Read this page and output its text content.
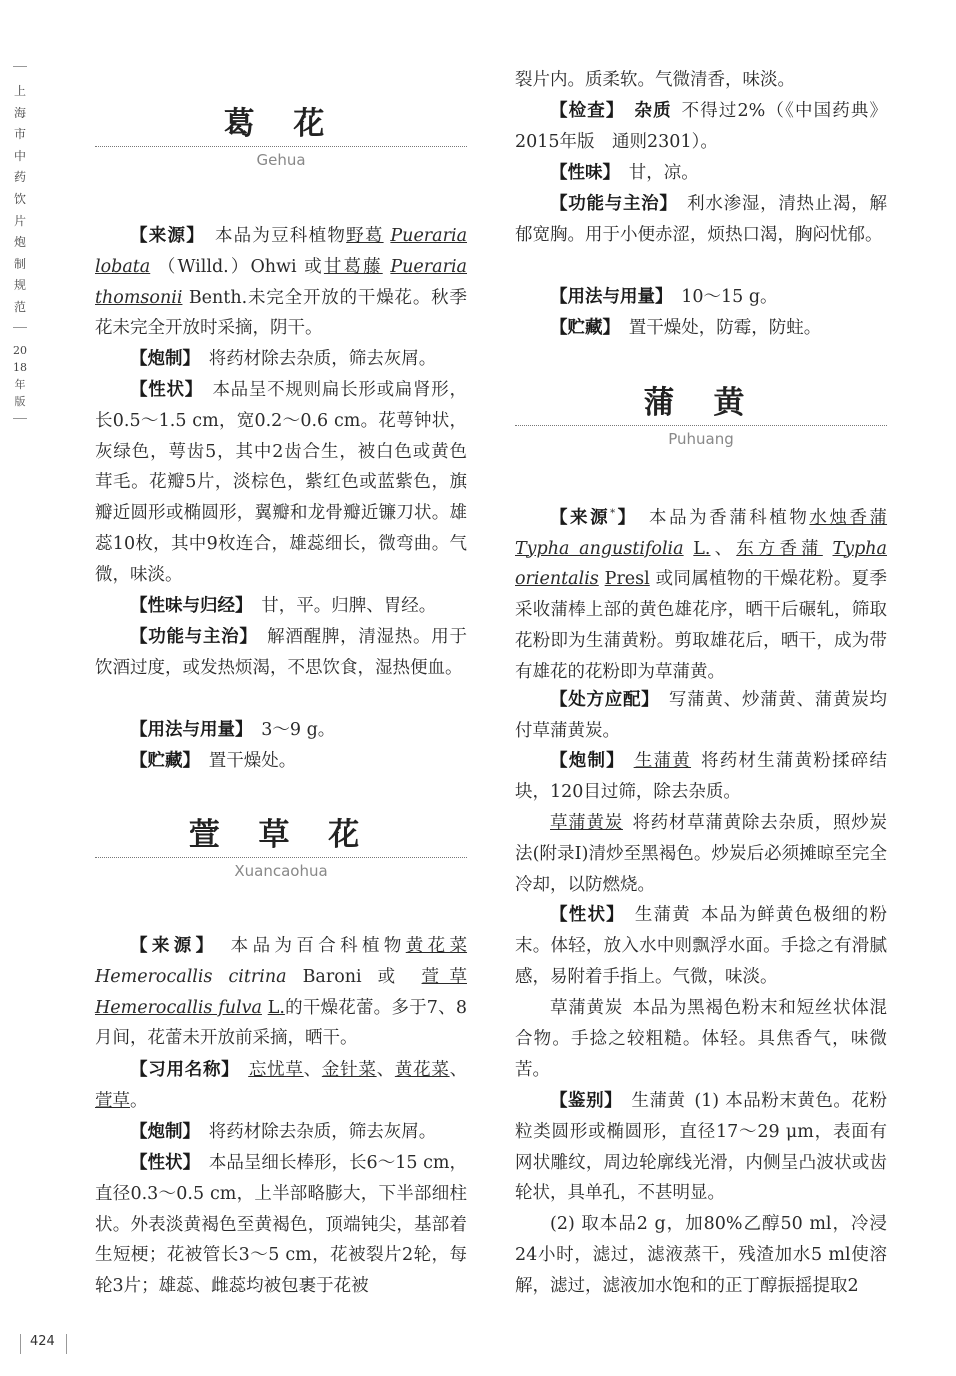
上海市中药饮片炮制规范
2018年版
葛 花
Gehua

【来源】  本品为豆科植物野葛 Pueraria lobata （Willd.）Ohwi 或甘葛藤 Pueraria thomsonii Benth.未完全开放的干燥花。秋季花未完全开放时采摘，阴干。

【炮制】  将药材除去杂质，筛去灰屑。

【性状】  本品呈不规则扁长形或扁肾形，长0.5～1.5 cm，宽0.2～0.6 cm。花萼钟状，灰绿色，萼齿5，其中2齿合生，被白色或黄色茸毛。花瓣5片，淡棕色，紫红色或蓝紫色，旗瓣近圆形或椭圆形，翼瓣和龙骨瓣近镰刀状。雄蕊10枚，其中9枚连合，雄蕊细长，微弯曲。气微，味淡。

【性味与归经】  甘，平。归脾、胃经。

【功能与主治】  解酒醒脾，清湿热。用于饮酒过度，或发热烦渴，不思饮食，湿热便血。

【用法与用量】  3～9 g。

【贮藏】  置干燥处。

萱 草 花
Xuancaohua

【来源】  本品为百合科植物黄花菜 Hemerocallis citrina Baroni 或 萱草 Hemerocallis fulva L.的干燥花蕾。多于7、8月间，花蕾未开放前采摘，晒干。

【习用名称】  忘忧草、金针菜、黄花菜、萱草。

【炮制】  将药材除去杂质，筛去灰屑。

【性状】  本品呈细长棒形，长6～15 cm，直径0.3～0.5 cm，上半部略膨大，下半部细柱状。外表淡黄褐色至黄褐色，顶端钝尖，基部着生短梗；花被管长3～5 cm，花被裂片2轮，每轮3片；雄蕊、雌蕊均被包裹于花被

裂片内。质柔软。气微清香，味淡。

【检查】  杂质  不得过2%（《中国药典》2015年版　通则2301）。

【性味】  甘，凉。

【功能与主治】  利水渗湿，清热止渴，解郁宽胸。用于小便赤涩，烦热口渴，胸闷忧郁。

【用法与用量】  10～15 g。

【贮藏】  置干燥处，防霉，防蛀。

蒲 黄
Puhuang

【来源*】  本品为香蒲科植物水烛香蒲 Typha angustifolia L.、东方香蒲 Typha orientalis Presl 或同属植物的干燥花粉。夏季采收蒲棒上部的黄色雄花序，晒干后碾轧，筛取花粉即为生蒲黄粉。剪取雄花后，晒干，成为带有雄花的花粉即为草蒲黄。

【处方应配】  写蒲黄、炒蒲黄、蒲黄炭均付草蒲黄炭。

【炮制】  生蒲黄  将药材生蒲黄粉揉碎结块，120目过筛，除去杂质。

草蒲黄炭  将药材草蒲黄除去杂质，照炒炭法(附录Ⅰ)清炒至黑褐色。炒炭后必须摊晾至完全冷却，以防燃烧。

【性状】  生蒲黄  本品为鲜黄色极细的粉末。体轻，放入水中则飘浮水面。手捻之有滑腻感，易附着手指上。气微，味淡。

草蒲黄炭  本品为黑褐色粉末和短丝状体混合物。手捻之较粗糙。体轻。具焦香气，味微苦。

【鉴别】  生蒲黄  (1) 本品粉末黄色。花粉粒类圆形或椭圆形，直径17～29 μm，表面有网状雕纹，周边轮廓线光滑，内侧呈凸波状或齿轮状，具单孔，不甚明显。

(2) 取本品2 g，加80%乙醇50 ml，冷浸24小时，滤过，滤液蒸干，残渣加水5 ml使溶解，滤过，滤液加水饱和的正丁醇振摇提取2

424
